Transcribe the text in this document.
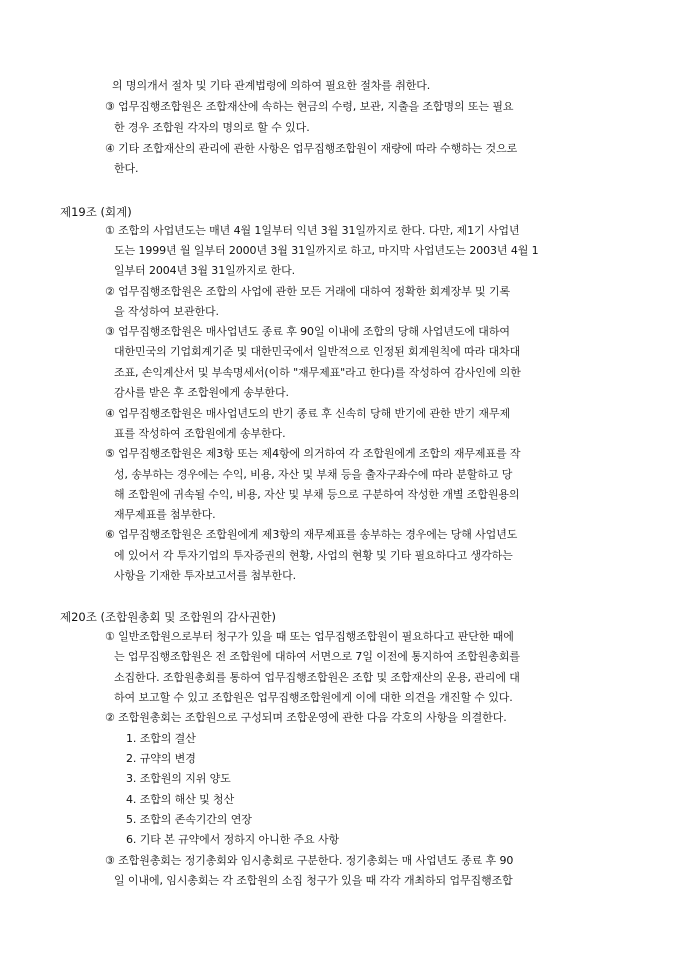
의 명의개서 절차 및 기타 관계법령에 의하여 필요한 절차를 취한다.
③ 업무집행조합원은 조합재산에 속하는 현금의 수령, 보관, 지출을 조합명의 또는 필요
한 경우 조합원 각자의 명의로 할 수 있다.
④ 기타 조합재산의 관리에 관한 사항은 업무집행조합원이 재량에 따라 수행하는 것으로
한다.
제19조 (회계)
① 조합의 사업년도는 매년 4월 1일부터 익년 3월 31일까지로 한다. 다만, 제1기 사업년
도는 1999년 월 일부터 2000년 3월 31일까지로 하고, 마지막 사업년도는 2003년 4월 1
일부터 2004년 3월 31일까지로 한다.
② 업무집행조합원은 조합의 사업에 관한 모든 거래에 대하여 정확한 회계장부 및 기록
을 작성하여 보관한다.
③ 업무집행조합원은 매사업년도 종료 후 90일 이내에 조합의 당해 사업년도에 대하여
대한민국의 기업회계기준 및 대한민국에서 일반적으로 인정된 회계원칙에 따라 대차대
조표, 손익계산서 및 부속명세서(이하 "재무제표"라고 한다)를 작성하여 감사인에 의한
감사를 받은 후 조합원에게 송부한다.
④ 업무집행조합원은 매사업년도의 반기 종료 후 신속히 당해 반기에 관한 반기 재무제
표를 작성하여 조합원에게 송부한다.
⑤ 업무집행조합원은 제3항 또는 제4항에 의거하여 각 조합원에게 조합의 재무제표를 작
성, 송부하는 경우에는 수익, 비용, 자산 및 부채 등을 출자구좌수에 따라 분할하고 당
해 조합원에 귀속될 수익, 비용, 자산 및 부채 등으로 구분하여 작성한 개별 조합원용의
재무제표를 첨부한다.
⑥ 업무집행조합원은 조합원에게 제3항의 재무제표를 송부하는 경우에는 당해 사업년도
에 있어서 각 투자기업의 투자증권의 현황, 사업의 현황 및 기타 필요하다고 생각하는
사항을 기재한 투자보고서를 첨부한다.
제20조 (조합원총회 및 조합원의 감사권한)
① 일반조합원으로부터 청구가 있을 때 또는 업무집행조합원이 필요하다고 판단한 때에
는 업무집행조합원은 전 조합원에 대하여 서면으로 7일 이전에 통지하여 조합원총회를
소집한다. 조합원총회를 통하여 업무집행조합원은 조합 및 조합재산의 운용, 관리에 대
하여 보고할 수 있고 조합원은 업무집행조합원에게 이에 대한 의견을 개진할 수 있다.
② 조합원총회는 조합원으로 구성되며 조합운영에 관한 다음 각호의 사항을 의결한다.
1. 조합의 결산
2. 규약의 변경
3. 조합원의 지위 양도
4. 조합의 해산 및 청산
5. 조합의 존속기간의 연장
6. 기타 본 규약에서 정하지 아니한 주요 사항
③ 조합원총회는 정기총회와 임시총회로 구분한다. 정기총회는 매 사업년도 종료 후 90
일 이내에, 임시총회는 각 조합원의 소집 청구가 있을 때 각각 개최하되 업무집행조합
